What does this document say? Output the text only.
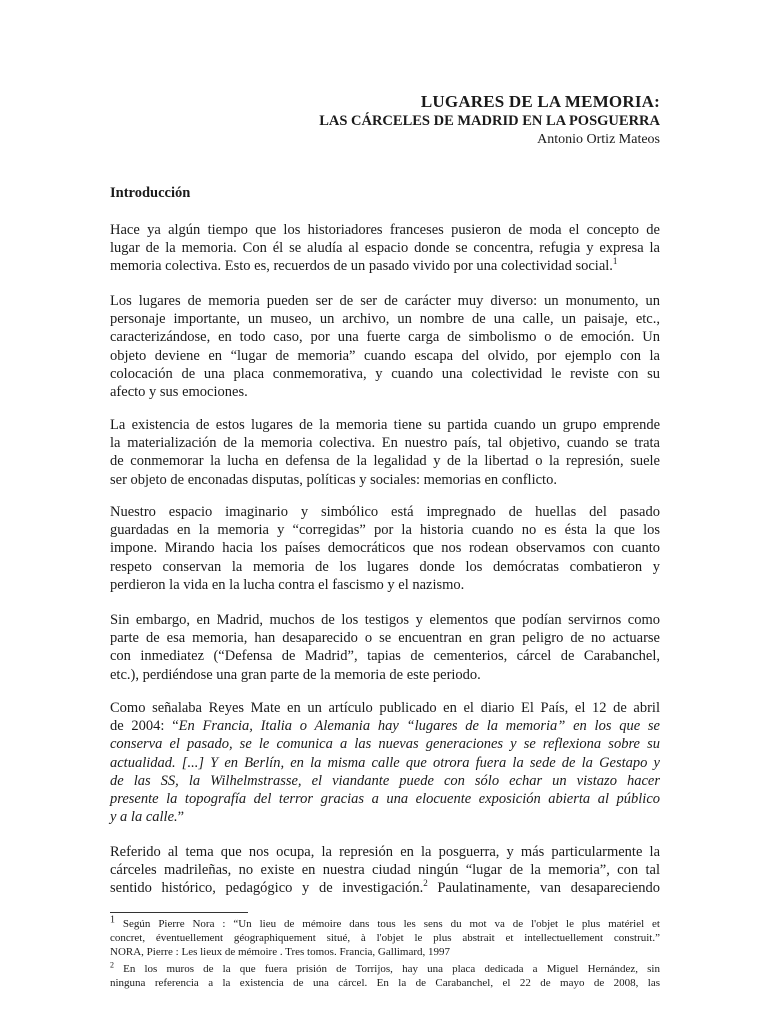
LUGARES DE LA MEMORIA:
LAS CÁRCELES DE MADRID EN LA POSGUERRA
Antonio Ortiz Mateos
Introducción
Hace ya algún tiempo que los historiadores franceses pusieron de moda el concepto de
lugar de la memoria. Con él se aludía al espacio donde se concentra, refugia y expresa la
memoria colectiva. Esto es, recuerdos de un pasado vivido por una colectividad social.$^1$
Los lugares de memoria pueden ser de ser de carácter muy diverso: un monumento, un
personaje importante, un museo, un archivo, un nombre de una calle, un paisaje, etc.,
caracterizándose, en todo caso, por una fuerte carga de simbolismo o de emoción. Un
objeto deviene en “lugar de memoria” cuando escapa del olvido, por ejemplo con la
colocación de una placa conmemorativa, y cuando una colectividad le reviste con su
afecto y sus emociones.
La existencia de estos lugares de la memoria tiene su partida cuando un grupo emprende
la materialización de la memoria colectiva. En nuestro país, tal objetivo, cuando se trata
de conmemorar la lucha en defensa de la legalidad y de la libertad o la represión, suele
ser objeto de enconadas disputas, políticas y sociales: memorias en conflicto.
Nuestro espacio imaginario y simbólico está impregnado de huellas del pasado
guardadas en la memoria y “corregidas” por la historia cuando no es ésta la que los
impone. Mirando hacia los países democráticos que nos rodean observamos con cuanto
respeto conservan la memoria de los lugares donde los demócratas combatieron y
perdieron la vida en la lucha contra el fascismo y el nazismo.
Sin embargo, en Madrid, muchos de los testigos y elementos que podían servirnos como
parte de esa memoria, han desaparecido o se encuentran en gran peligro de no actuarse
con inmediatez (“Defensa de Madrid”, tapias de cementerios, cárcel de Carabanchel,
etc.), perdiéndose una gran parte de la memoria de este periodo.
Como señalaba Reyes Mate en un artículo publicado en el diario El País, el 12 de abril
de 2004: “En Francia, Italia o Alemania hay “lugares de la memoria” en los que se
conserva el pasado, se le comunica a las nuevas generaciones y se reflexiona sobre su
actualidad. [...] Y en Berlín, en la misma calle que otrora fuera la sede de la Gestapo y
de las SS, la Wilhelmstrasse, el viandante puede con sólo echar un vistazo hacer
presente la topografía del terror gracias a una elocuente exposición abierta al público
y a la calle.”
Referido al tema que nos ocupa, la represión en la posguerra, y más particularmente la
cárceles madrileñas, no existe en nuestra ciudad ningún “lugar de la memoria”, con tal
sentido histórico, pedagógico y de investigación.$^2$ Paulatinamente, van desapareciendo
$^1$ Según Pierre Nora : “Un lieu de mémoire dans tous les sens du mot va de l'objet le plus matériel et
concret, éventuellement géographiquement situé, à l'objet le plus abstrait et intellectuellement construit.”
NORA, Pierre : Les lieux de mémoire . Tres tomos. Francia, Gallimard, 1997
$^2$ En los muros de la que fuera prisión de Torrijos, hay una placa dedicada a Miguel Hernández, sin
ninguna referencia a la existencia de una cárcel. En la de Carabanchel, el 22 de mayo de 2008, las
